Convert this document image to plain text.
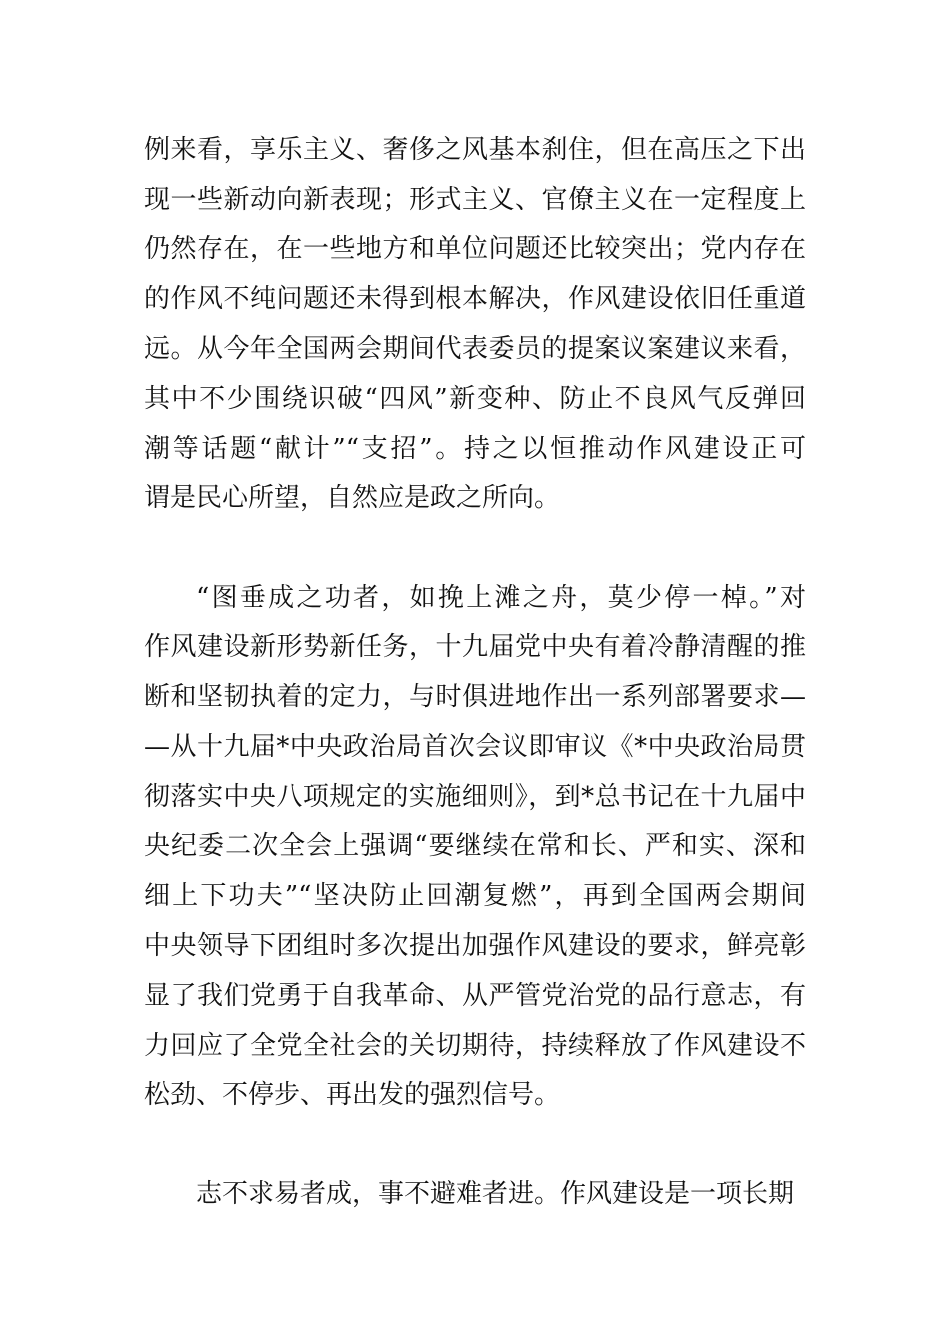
例来看，享乐主义、奢侈之风基本刹住，但在高压之下出
现一些新动向新表现；形式主义、官僚主义在一定程度上
仍然存在，在一些地方和单位问题还比较突出；党内存在
的作风不纯问题还未得到根本解决，作风建设依旧任重道
远。从今年全国两会期间代表委员的提案议案建议来看，
其中不少围绕识破“四风”新变种、防止不良风气反弹回
潮等话题“献计”“支招”。持之以恒推动作风建设正可
谓是民心所望，自然应是政之所向。
“图垂成之功者，如挽上滩之舟，莫少停一棹。”对
作风建设新形势新任务，十九届党中央有着冷静清醒的推
断和坚韧执着的定力，与时俱进地作出一系列部署要求—
—从十九届*中央政治局首次会议即审议《*中央政治局贯
彻落实中央八项规定的实施细则》，到*总书记在十九届中
央纪委二次全会上强调“要继续在常和长、严和实、深和
细上下功夫”“坚决防止回潮复燃”，再到全国两会期间
中央领导下团组时多次提出加强作风建设的要求，鲜亮彰
显了我们党勇于自我革命、从严管党治党的品行意志，有
力回应了全党全社会的关切期待，持续释放了作风建设不
松劲、不停步、再出发的强烈信号。
志不求易者成，事不避难者进。作风建设是一项长期
